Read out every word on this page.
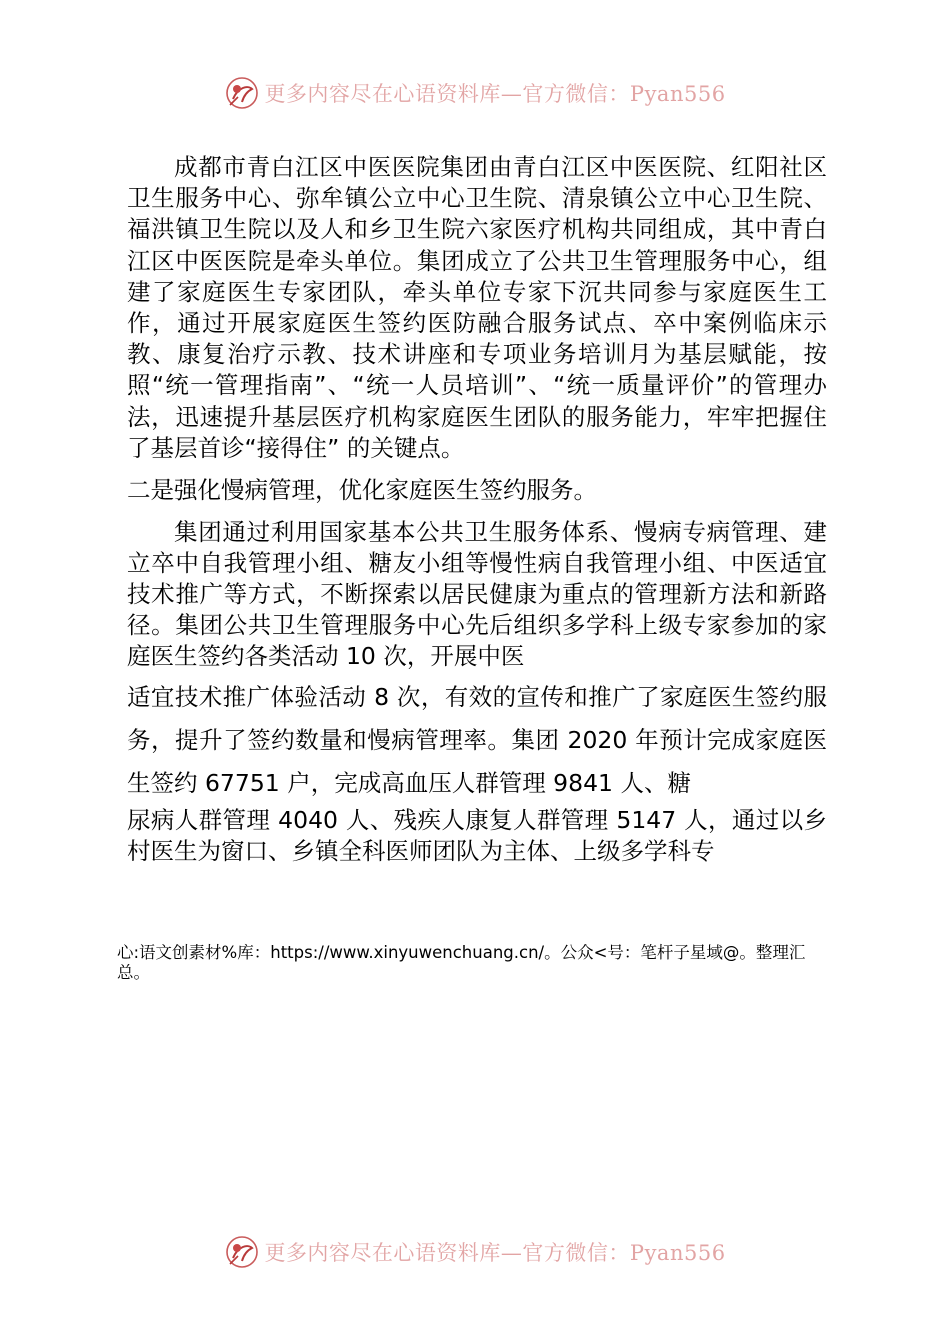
更多内容尽在心语资料库—官方微信：Pyan556

成都市青白江区中医医院集团由青白江区中医医院、红阳社区卫生服务中心、弥牟镇公立中心卫生院、清泉镇公立中心卫生院、福洪镇卫生院以及人和乡卫生院六家医疗机构共同组成，其中青白江区中医医院是牵头单位。集团成立了公共卫生管理服务中心，组建了家庭医生专家团队，牵头单位专家下沉共同参与家庭医生工作，通过开展家庭医生签约医防融合服务试点、卒中案例临床示教、康复治疗示教、技术讲座和专项业务培训月为基层赋能，按照“统一管理指南”、“统一人员培训”、“统一质量评价”的管理办法，迅速提升基层医疗机构家庭医生团队的服务能力，牢牢把握住了基层首诊“接得住” 的关键点。

二是强化慢病管理，优化家庭医生签约服务。

集团通过利用国家基本公共卫生服务体系、慢病专病管理、建立卒中自我管理小组、糖友小组等慢性病自我管理小组、中医适宜技术推广等方式，不断探索以居民健康为重点的管理新方法和新路径。集团公共卫生管理服务中心先后组织多学科上级专家参加的家庭医生签约各类活动 10 次，开展中医
适宜技术推广体验活动 8 次，有效的宣传和推广了家庭医生签约服务，提升了签约数量和慢病管理率。集团 2020 年预计完成家庭医生签约 67751 户，完成高血压人群管理 9841 人、糖
尿病人群管理 4040 人、残疾人康复人群管理 5147 人，通过以乡村医生为窗口、乡镇全科医师团队为主体、上级多学科专

心:语文创素材%库：https://www.xinyuwenchuang.cn/。公众<号：笔杆子星域@。整理汇总。
更多内容尽在心语资料库—官方微信：Pyan556
